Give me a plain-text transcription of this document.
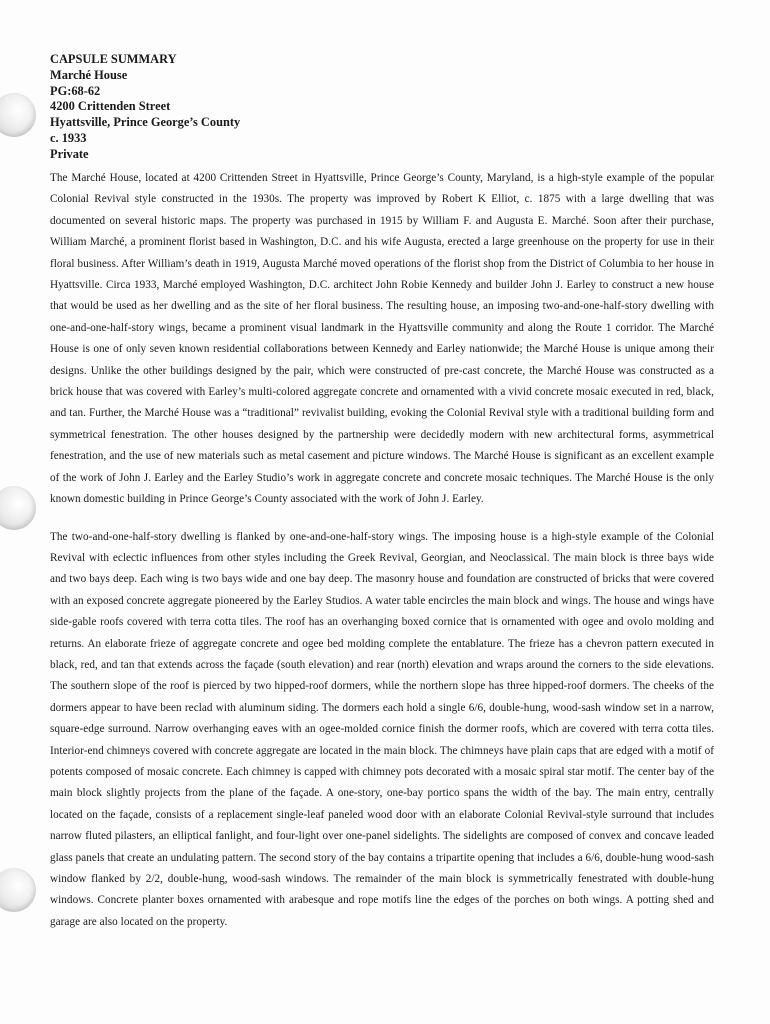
CAPSULE SUMMARY
Marché House
PG:68-62
4200 Crittenden Street
Hyattsville, Prince George’s County
c. 1933
Private

The Marché House, located at 4200 Crittenden Street in Hyattsville, Prince George’s County, Maryland, is a high-style example of the popular Colonial Revival style constructed in the 1930s. The property was improved by Robert K Elliot, c. 1875 with a large dwelling that was documented on several historic maps. The property was purchased in 1915 by William F. and Augusta E. Marché. Soon after their purchase, William Marché, a prominent florist based in Washington, D.C. and his wife Augusta, erected a large greenhouse on the property for use in their floral business. After William’s death in 1919, Augusta Marché moved operations of the florist shop from the District of Columbia to her house in Hyattsville. Circa 1933, Marché employed Washington, D.C. architect John Robie Kennedy and builder John J. Earley to construct a new house that would be used as her dwelling and as the site of her floral business. The resulting house, an imposing two-and-one-half-story dwelling with one-and-one-half-story wings, became a prominent visual landmark in the Hyattsville community and along the Route 1 corridor. The Marché House is one of only seven known residential collaborations between Kennedy and Earley nationwide; the Marché House is unique among their designs. Unlike the other buildings designed by the pair, which were constructed of pre-cast concrete, the Marché House was constructed as a brick house that was covered with Earley’s multi-colored aggregate concrete and ornamented with a vivid concrete mosaic executed in red, black, and tan. Further, the Marché House was a “traditional” revivalist building, evoking the Colonial Revival style with a traditional building form and symmetrical fenestration. The other houses designed by the partnership were decidedly modern with new architectural forms, asymmetrical fenestration, and the use of new materials such as metal casement and picture windows. The Marché House is significant as an excellent example of the work of John J. Earley and the Earley Studio’s work in aggregate concrete and concrete mosaic techniques. The Marché House is the only known domestic building in Prince George’s County associated with the work of John J. Earley.

The two-and-one-half-story dwelling is flanked by one-and-one-half-story wings. The imposing house is a high-style example of the Colonial Revival with eclectic influences from other styles including the Greek Revival, Georgian, and Neoclassical. The main block is three bays wide and two bays deep. Each wing is two bays wide and one bay deep. The masonry house and foundation are constructed of bricks that were covered with an exposed concrete aggregate pioneered by the Earley Studios. A water table encircles the main block and wings. The house and wings have side-gable roofs covered with terra cotta tiles. The roof has an overhanging boxed cornice that is ornamented with ogee and ovolo molding and returns. An elaborate frieze of aggregate concrete and ogee bed molding complete the entablature. The frieze has a chevron pattern executed in black, red, and tan that extends across the façade (south elevation) and rear (north) elevation and wraps around the corners to the side elevations. The southern slope of the roof is pierced by two hipped-roof dormers, while the northern slope has three hipped-roof dormers. The cheeks of the dormers appear to have been reclad with aluminum siding. The dormers each hold a single 6/6, double-hung, wood-sash window set in a narrow, square-edge surround. Narrow overhanging eaves with an ogee-molded cornice finish the dormer roofs, which are covered with terra cotta tiles. Interior-end chimneys covered with concrete aggregate are located in the main block. The chimneys have plain caps that are edged with a motif of potents composed of mosaic concrete. Each chimney is capped with chimney pots decorated with a mosaic spiral star motif. The center bay of the main block slightly projects from the plane of the façade. A one-story, one-bay portico spans the width of the bay. The main entry, centrally located on the façade, consists of a replacement single-leaf paneled wood door with an elaborate Colonial Revival-style surround that includes narrow fluted pilasters, an elliptical fanlight, and four-light over one-panel sidelights. The sidelights are composed of convex and concave leaded glass panels that create an undulating pattern. The second story of the bay contains a tripartite opening that includes a 6/6, double-hung wood-sash window flanked by 2/2, double-hung, wood-sash windows. The remainder of the main block is symmetrically fenestrated with double-hung windows. Concrete planter boxes ornamented with arabesque and rope motifs line the edges of the porches on both wings. A potting shed and garage are also located on the property.
